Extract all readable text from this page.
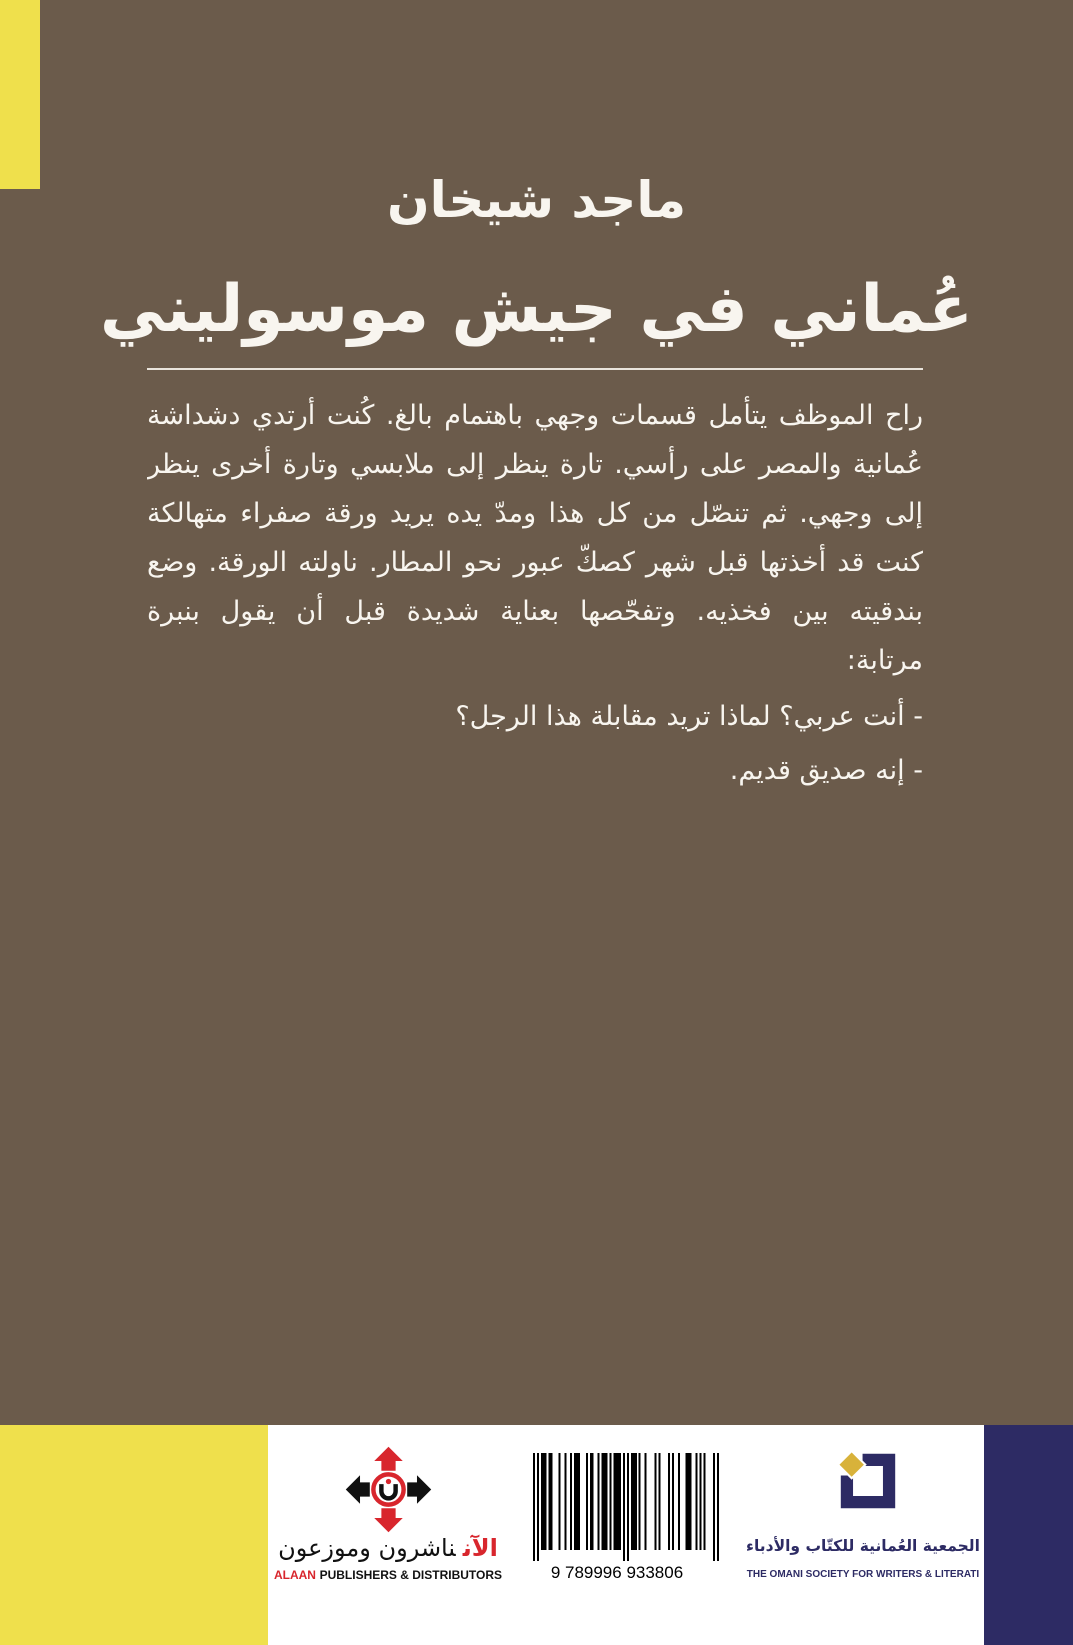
ماجد شيخان
عُماني في جيش موسوليني
راح الموظف يتأمل قسمات وجهي باهتمام بالغ. كُنت أرتدي دشداشة
عُمانية والمصر على رأسي. تارة ينظر إلى ملابسي وتارة أخرى ينظر
إلى وجهي. ثم تنصّل من كل هذا ومدّ يده يريد ورقة صفراء متهالكة
كنت قد أخذتها قبل شهر كصكّ عبور نحو المطار. ناولته الورقة. وضع
بندقيته بين فخذيه. وتفحّصها بعناية شديدة قبل أن يقول بنبرة
مرتابة:
- أنت عربي؟ لماذا تريد مقابلة هذا الرجل؟
- إنه صديق قديم.
الآنناشرون وموزعون
ALAAN PUBLISHERS & DISTRIBUTORS	9 789996 933806
الجمعية العُمانية للكتّاب والأدباء
THE OMANI SOCIETY FOR WRITERS & LITERATI
